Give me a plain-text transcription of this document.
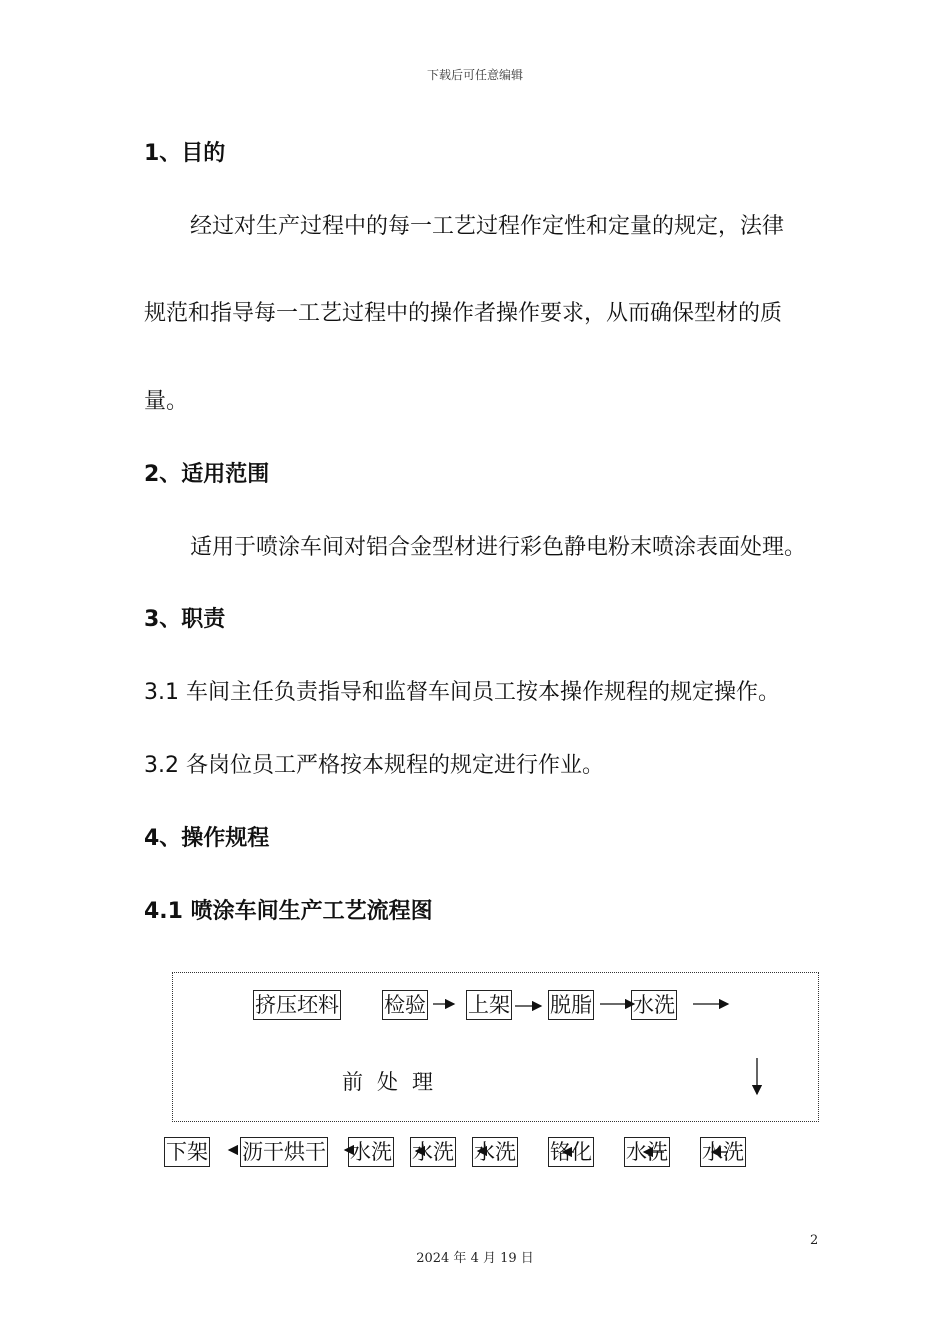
下载后可任意编辑
1、目的
经过对生产过程中的每一工艺过程作定性和定量的规定，法律
规范和指导每一工艺过程中的操作者操作要求，从而确保型材的质
量。
2、适用范围
适用于喷涂车间对铝合金型材进行彩色静电粉末喷涂表面处理。
3、职责
3.1 车间主任负责指导和监督车间员工按本操作规程的规定操作。
3.2 各岗位员工严格按本规程的规定进行作业。
4、操作规程
4.1 喷涂车间生产工艺流程图
挤压坯料 检验 上架 脱脂 水洗
前处理
下架 沥干烘干 水洗 水洗 水洗 铬化 水洗 水洗
2
2024 年 4 月 19 日
